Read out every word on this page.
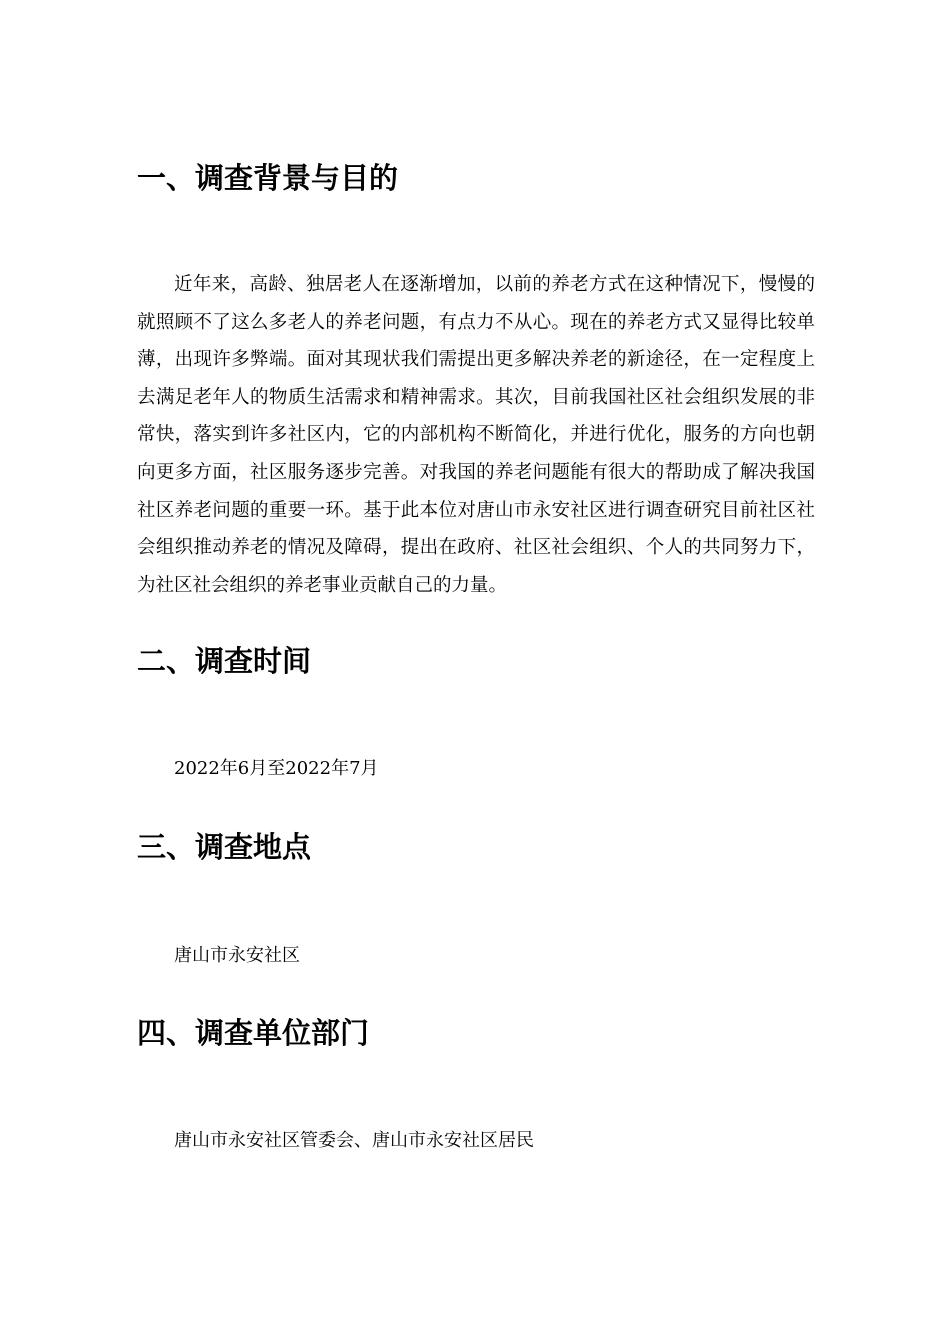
一、调查背景与目的

近年来，高龄、独居老人在逐渐增加，以前的养老方式在这种情况下，慢慢的就照顾不了这么多老人的养老问题，有点力不从心。现在的养老方式又显得比较单薄，出现许多弊端。面对其现状我们需提出更多解决养老的新途径，在一定程度上去满足老年人的物质生活需求和精神需求。其次，目前我国社区社会组织发展的非常快，落实到许多社区内，它的内部机构不断简化，并进行优化，服务的方向也朝向更多方面，社区服务逐步完善。对我国的养老问题能有很大的帮助成了解决我国社区养老问题的重要一环。基于此本位对唐山市永安社区进行调查研究目前社区社会组织推动养老的情况及障碍，提出在政府、社区社会组织、个人的共同努力下，为社区社会组织的养老事业贡献自己的力量。

二、调查时间

2022年6月至2022年7月

三、调查地点

唐山市永安社区

四、调查单位部门

唐山市永安社区管委会、唐山市永安社区居民
